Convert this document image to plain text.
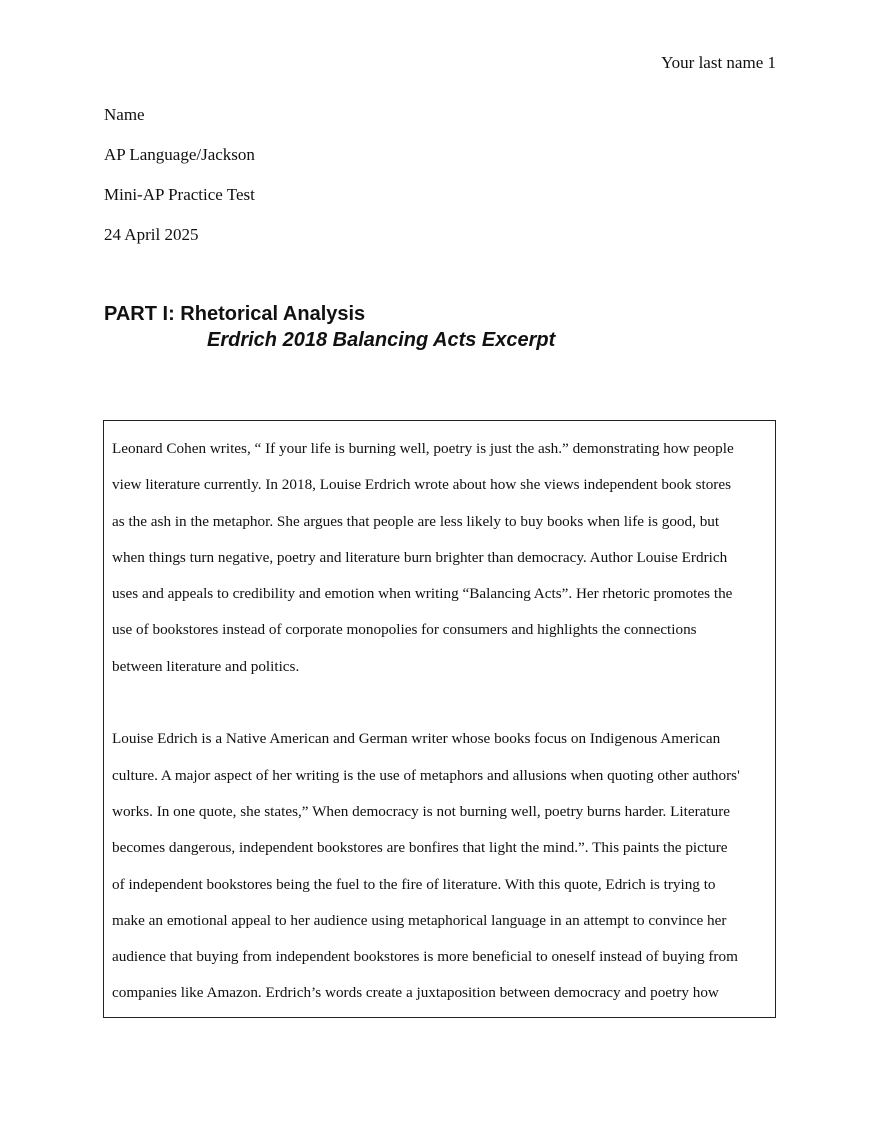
Your last name 1
Name
AP Language/Jackson
Mini-AP Practice Test
24 April 2025
PART I: Rhetorical Analysis
Erdrich 2018 Balancing Acts Excerpt

Leonard Cohen writes, “ If your life is burning well, poetry is just the ash.” demonstrating how people

view literature currently. In 2018, Louise Erdrich wrote about how she views independent book stores

as the ash in the metaphor. She argues that people are less likely to buy books when life is good, but

when things turn negative, poetry and literature burn brighter than democracy. Author Louise Erdrich

uses and appeals to credibility and emotion when writing “Balancing Acts”. Her rhetoric promotes the

use of bookstores instead of corporate monopolies for consumers and highlights the connections

between literature and politics.

Louise Edrich is a Native American and German writer whose books focus on Indigenous American

culture. A major aspect of her writing is the use of metaphors and allusions when quoting other authors'

works. In one quote, she states,” When democracy is not burning well, poetry burns harder. Literature

becomes dangerous, independent bookstores are bonfires that light the mind.”. This paints the picture

of independent bookstores being the fuel to the fire of literature. With this quote, Edrich is trying to

make an emotional appeal to her audience using metaphorical language in an attempt to convince her

audience that buying from independent bookstores is more beneficial to oneself instead of buying from

companies like Amazon. Erdrich’s words create a juxtaposition between democracy and poetry how
